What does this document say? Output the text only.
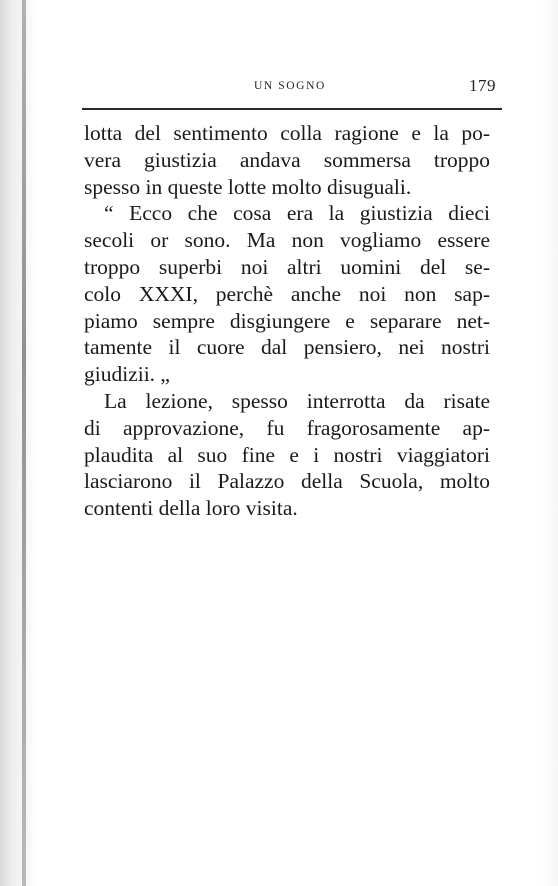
UN SOGNO	179
lotta del sentimento colla ragione e la po-
vera giustizia andava sommersa troppo
spesso in queste lotte molto disuguali.
“ Ecco che cosa era la giustizia dieci
secoli or sono. Ma non vogliamo essere
troppo superbi noi altri uomini del se-
colo XXXI, perchè anche noi non sap-
piamo sempre disgiungere e separare net-
tamente il cuore dal pensiero, nei nostri
giudizii. „
La lezione, spesso interrotta da risate
di approvazione, fu fragorosamente ap-
plaudita al suo fine e i nostri viaggiatori
lasciarono il Palazzo della Scuola, molto
contenti della loro visita.
